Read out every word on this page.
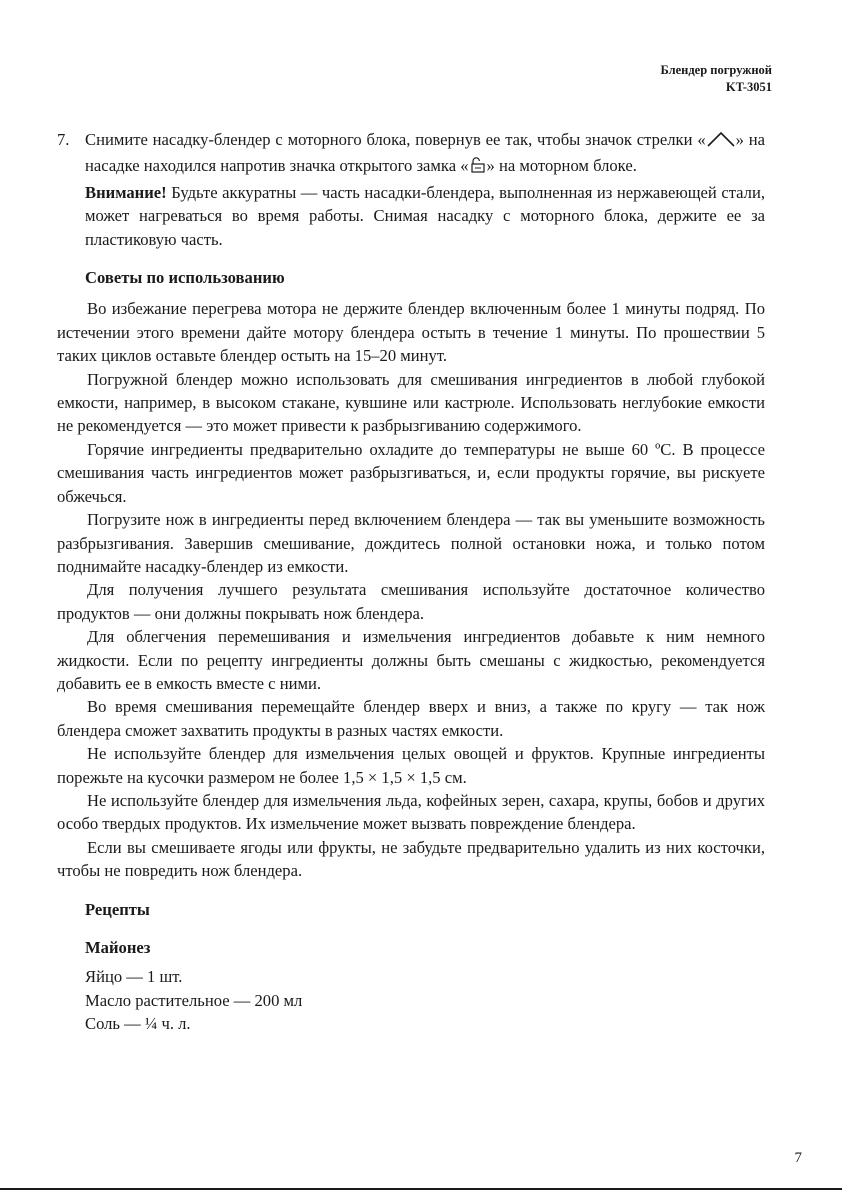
Блендер погружной
KT-3051
7. Снимите насадку-блендер с моторного блока, повернув ее так, чтобы значок стрелки « » на насадке находился напротив значка открытого замка « » на моторном блоке.

Внимание! Будьте аккуратны — часть насадки-блендера, выполненная из нержавеющей стали, может нагреваться во время работы. Снимая насадку с моторного блока, держите ее за пластиковую часть.

Советы по использованию

Во избежание перегрева мотора не держите блендер включенным более 1 минуты подряд. По истечении этого времени дайте мотору блендера остыть в течение 1 минуты. По прошествии 5 таких циклов оставьте блендер остыть на 15–20 минут.

Погружной блендер можно использовать для смешивания ингредиентов в любой глубокой емкости, например, в высоком стакане, кувшине или кастрюле. Использовать неглубокие емкости не рекомендуется — это может привести к разбрызгиванию содержимого.

Горячие ингредиенты предварительно охладите до температуры не выше 60 ºС. В процессе смешивания часть ингредиентов может разбрызгиваться, и, если продукты горячие, вы рискуете обжечься.

Погрузите нож в ингредиенты перед включением блендера — так вы уменьшите возможность разбрызгивания. Завершив смешивание, дождитесь полной остановки ножа, и только потом поднимайте насадку-блендер из емкости.

Для получения лучшего результата смешивания используйте достаточное количество продуктов — они должны покрывать нож блендера.

Для облегчения перемешивания и измельчения ингредиентов добавьте к ним немного жидкости. Если по рецепту ингредиенты должны быть смешаны с жидкостью, рекомендуется добавить ее в емкость вместе с ними.

Во время смешивания перемещайте блендер вверх и вниз, а также по кругу — так нож блендера сможет захватить продукты в разных частях емкости.

Не используйте блендер для измельчения целых овощей и фруктов. Крупные ингредиенты порежьте на кусочки размером не более 1,5 × 1,5 × 1,5 см.

Не используйте блендер для измельчения льда, кофейных зерен, сахара, крупы, бобов и других особо твердых продуктов. Их измельчение может вызвать повреждение блендера.

Если вы смешиваете ягоды или фрукты, не забудьте предварительно удалить из них косточки, чтобы не повредить нож блендера.

Рецепты
Майонез

Яйцо — 1 шт.

Масло растительное — 200 мл

Соль — ¼ ч. л.

7
